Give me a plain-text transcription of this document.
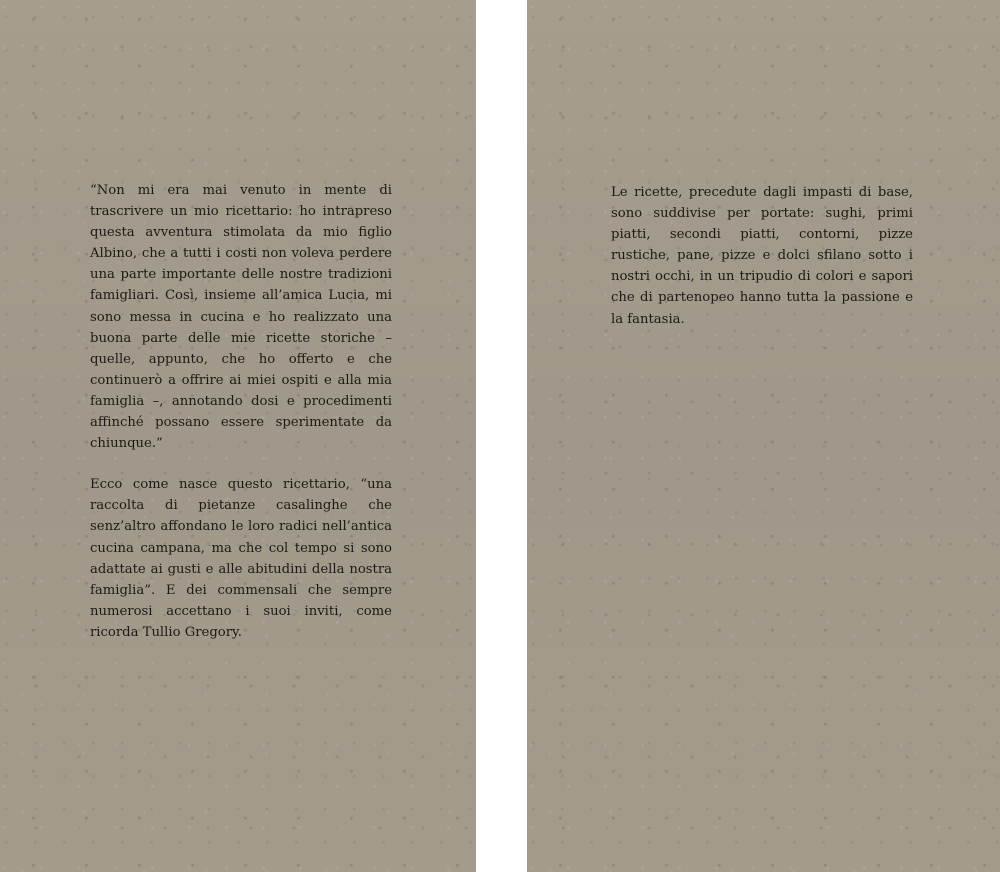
“Non mi era mai venuto in mente di trascrivere un mio ricettario: ho intrapreso questa avventura stimolata da mio figlio Albino, che a tutti i costi non voleva perdere una parte importante delle nostre tradizioni famigliari. Così, insieme all’amica Lucia, mi sono messa in cucina e ho realizzato una buona parte delle mie ricette storiche – quelle, appunto, che ho offerto e che continuerò a offrire ai miei ospiti e alla mia famiglia –, annotando dosi e procedimenti affinché possano essere sperimentate da chiunque.”

Ecco come nasce questo ricettario, “una raccolta di pietanze casalinghe che senz’altro affondano le loro radici nell’antica cucina campana, ma che col tempo si sono adattate ai gusti e alle abitudini della nostra famiglia”. E dei commensali che sempre numerosi accettano i suoi inviti, come ricorda Tullio Gregory.

Le ricette, precedute dagli impasti di base, sono suddivise per portate: sughi, primi piatti, secondi piatti, contorni, pizze rustiche, pane, pizze e dolci sfilano sotto i nostri occhi, in un tripudio di colori e sapori che di partenopeo hanno tutta la passione e la fantasia.
